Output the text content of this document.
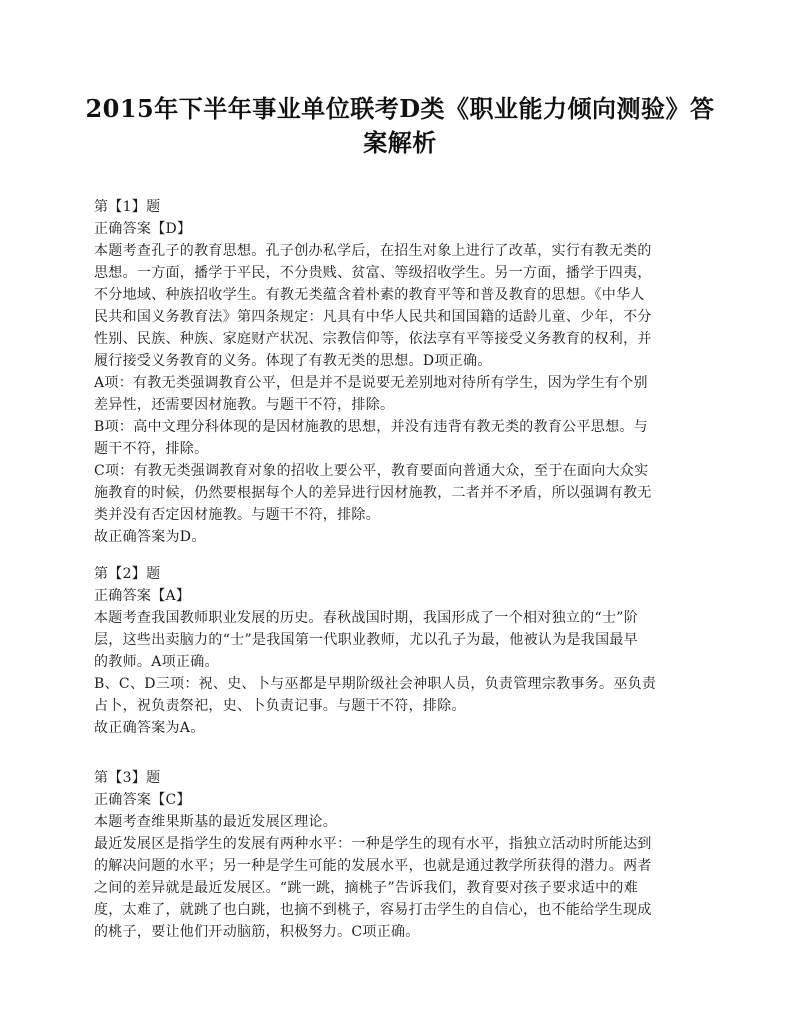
2015年下半年事业单位联考D类《职业能力倾向测验》答
案解析

第【1】题

正确答案【D】

本题考查孔子的教育思想。孔子创办私学后，在招生对象上进行了改革，实行有教无类的

思想。一方面，播学于平民，不分贵贱、贫富、等级招收学生。另一方面，播学于四夷，

不分地域、种族招收学生。有教无类蕴含着朴素的教育平等和普及教育的思想。《中华人

民共和国义务教育法》第四条规定：凡具有中华人民共和国国籍的适龄儿童、少年，不分

性别、民族、种族、家庭财产状况、宗教信仰等，依法享有平等接受义务教育的权利，并

履行接受义务教育的义务。体现了有教无类的思想。D项正确。

A项：有教无类强调教育公平，但是并不是说要无差别地对待所有学生，因为学生有个别

差异性，还需要因材施教。与题干不符，排除。

B项：高中文理分科体现的是因材施教的思想，并没有违背有教无类的教育公平思想。与

题干不符，排除。

C项：有教无类强调教育对象的招收上要公平，教育要面向普通大众，至于在面向大众实

施教育的时候，仍然要根据每个人的差异进行因材施教，二者并不矛盾，所以强调有教无

类并没有否定因材施教。与题干不符，排除。

故正确答案为D。

第【2】题

正确答案【A】

本题考查我国教师职业发展的历史。春秋战国时期，我国形成了一个相对独立的“士”阶

层，这些出卖脑力的“士”是我国第一代职业教师，尤以孔子为最，他被认为是我国最早

的教师。A项正确。

B、C、D三项：祝、史、卜与巫都是早期阶级社会神职人员，负责管理宗教事务。巫负责

占卜，祝负责祭祀，史、卜负责记事。与题干不符，排除。

故正确答案为A。

第【3】题

正确答案【C】

本题考查维果斯基的最近发展区理论。

最近发展区是指学生的发展有两种水平：一种是学生的现有水平，指独立活动时所能达到

的解决问题的水平；另一种是学生可能的发展水平，也就是通过教学所获得的潜力。两者

之间的差异就是最近发展区。“跳一跳，摘桃子”告诉我们，教育要对孩子要求适中的难

度，太难了，就跳了也白跳，也摘不到桃子，容易打击学生的自信心，也不能给学生现成

的桃子，要让他们开动脑筋，积极努力。C项正确。
